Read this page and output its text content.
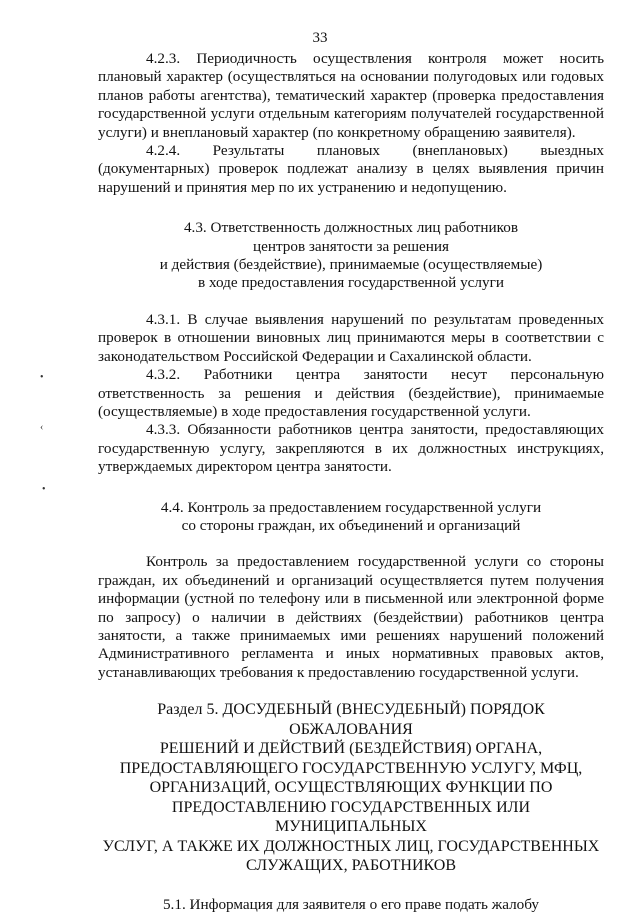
33

4.2.3. Периодичность осуществления контроля может носить плановый характер (осуществляться на основании полугодовых или годовых планов работы агентства), тематический характер (проверка предоставления государственной услуги отдельным категориям получателей государственной услуги) и внеплановый характер (по конкретному обращению заявителя).

4.2.4. Результаты плановых (внеплановых) выездных (документарных) проверок подлежат анализу в целях выявления причин нарушений и принятия мер по их устранению и недопущению.

4.3. Ответственность должностных лиц работников
центров занятости за решения
и действия (бездействие), принимаемые (осуществляемые)
в ходе предоставления государственной услуги

4.3.1. В случае выявления нарушений по результатам проведенных проверок в отношении виновных лиц принимаются меры в соответствии с законодательством Российской Федерации и Сахалинской области.

4.3.2. Работники центра занятости несут персональную ответственность за решения и действия (бездействие), принимаемые (осуществляемые) в ходе предоставления государственной услуги.

4.3.3. Обязанности работников центра занятости, предоставляющих государственную услугу, закрепляются в их должностных инструкциях, утверждаемых директором центра занятости.

4.4. Контроль за предоставлением государственной услуги
со стороны граждан, их объединений и организаций

Контроль за предоставлением государственной услуги со стороны граждан, их объединений и организаций осуществляется путем получения информации (устной по телефону или в письменной или электронной форме по запросу) о наличии в действиях (бездействии) работников центра занятости, а также принимаемых ими решениях нарушений положений Административного регламента и иных нормативных правовых актов, устанавливающих требования к предоставлению государственной услуги.

Раздел 5. ДОСУДЕБНЫЙ (ВНЕСУДЕБНЫЙ) ПОРЯДОК ОБЖАЛОВАНИЯ
РЕШЕНИЙ И ДЕЙСТВИЙ (БЕЗДЕЙСТВИЯ) ОРГАНА,
ПРЕДОСТАВЛЯЮЩЕГО ГОСУДАРСТВЕННУЮ УСЛУГУ, МФЦ,
ОРГАНИЗАЦИЙ, ОСУЩЕСТВЛЯЮЩИХ ФУНКЦИИ ПО
ПРЕДОСТАВЛЕНИЮ ГОСУДАРСТВЕННЫХ ИЛИ МУНИЦИПАЛЬНЫХ
УСЛУГ, А ТАКЖЕ ИХ ДОЛЖНОСТНЫХ ЛИЦ, ГОСУДАРСТВЕННЫХ
СЛУЖАЩИХ, РАБОТНИКОВ
5.1. Информация для заявителя о его праве подать жалобу
•
‹
•
